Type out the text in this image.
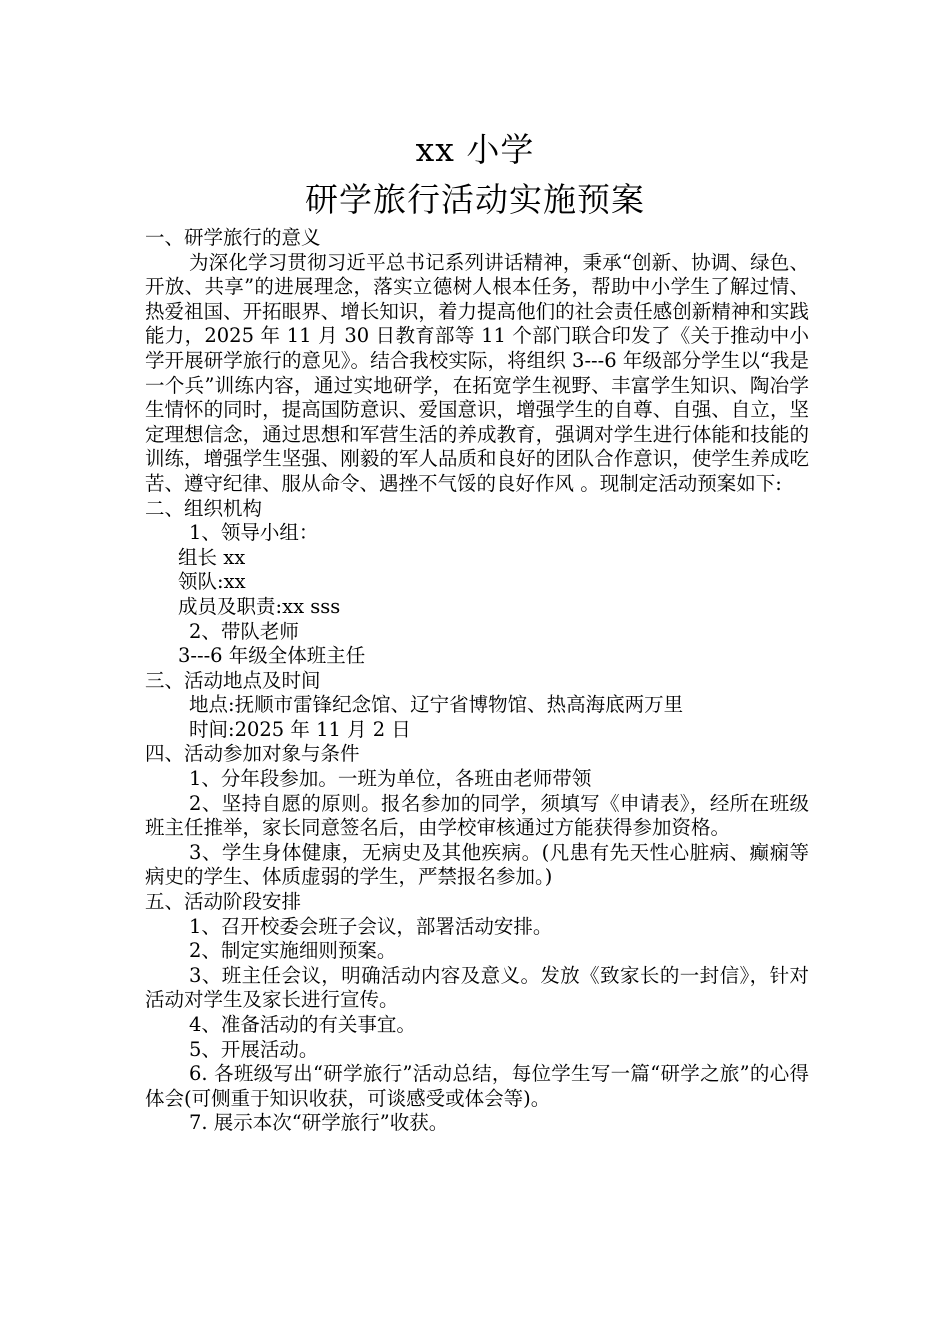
xx 小学
研学旅行活动实施预案

一、研学旅行的意义

为深化学习贯彻习近平总书记系列讲话精神，秉承“创新、协调、绿色、开放、共享”的进展理念，落实立德树人根本任务，帮助中小学生了解过情、热爱祖国、开拓眼界、增长知识，着力提高他们的社会责任感创新精神和实践能力，2025 年 11 月 30 日教育部等 11 个部门联合印发了《关于推动中小学开展研学旅行的意见》。结合我校实际，将组织 3---6 年级部分学生以“我是一个兵”训练内容，通过实地研学，在拓宽学生视野、丰富学生知识、陶冶学生情怀的同时，提高国防意识、爱国意识，增强学生的自尊、自强、自立，坚定理想信念，通过思想和军营生活的养成教育，强调对学生进行体能和技能的训练，增强学生坚强、刚毅的军人品质和良好的团队合作意识，使学生养成吃苦、遵守纪律、服从命令、遇挫不气馁的良好作风 。现制定活动预案如下:

二、组织机构

1、领导小组：

组长 xx

领队:xx

成员及职责:xx sss

2、带队老师

3---6 年级全体班主任

三、活动地点及时间

地点:抚顺市雷锋纪念馆、辽宁省博物馆、热高海底两万里

时间:2025 年 11 月 2 日

四、活动参加对象与条件

1、分年段参加。一班为单位，各班由老师带领

2、坚持自愿的原则。报名参加的同学，须填写《申请表》，经所在班级班主任推举，家长同意签名后，由学校审核通过方能获得参加资格。

3、学生身体健康，无病史及其他疾病。(凡患有先天性心脏病、癫痫等病史的学生、体质虚弱的学生，严禁报名参加。)

五、活动阶段安排

1、召开校委会班子会议，部署活动安排。

2、制定实施细则预案。

3、班主任会议，明确活动内容及意义。发放《致家长的一封信》，针对活动对学生及家长进行宣传。

4、准备活动的有关事宜。

5、开展活动。

6. 各班级写出“研学旅行”活动总结，每位学生写一篇“研学之旅”的心得体会(可侧重于知识收获，可谈感受或体会等)。

7. 展示本次“研学旅行”收获。
